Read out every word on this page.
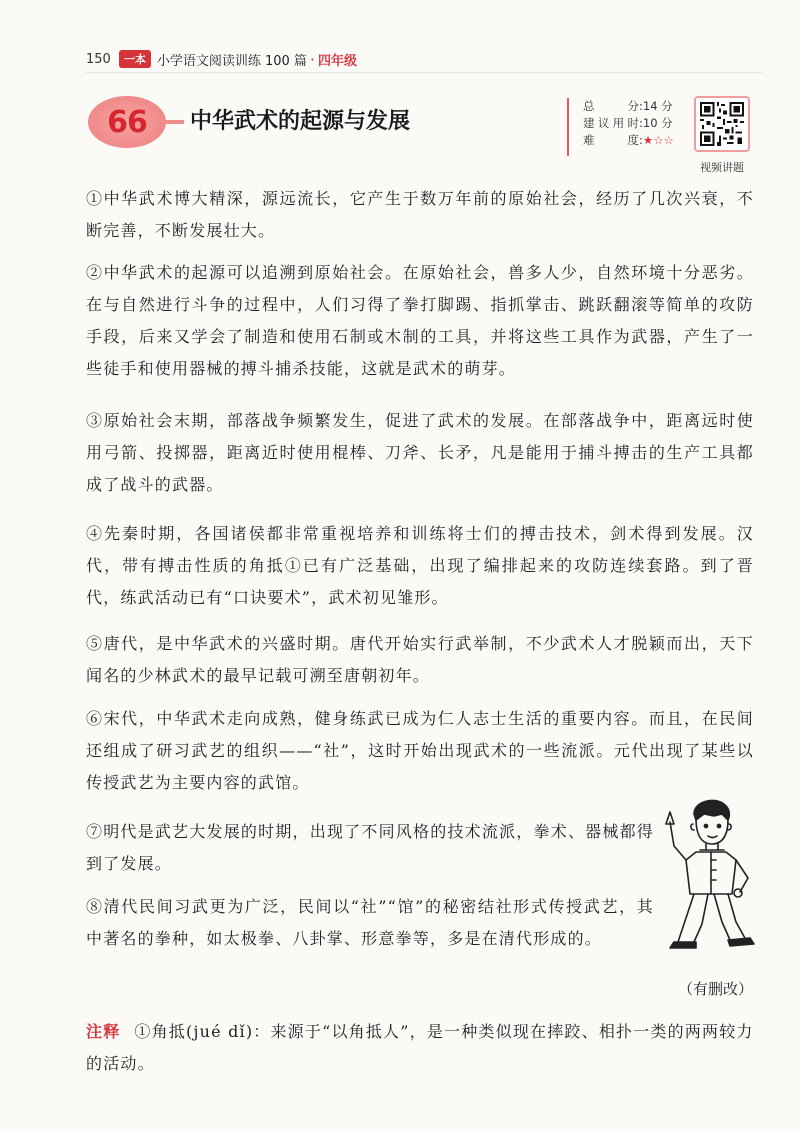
150	一本 小学语文阅读训练 100 篇 · 四年级
66	中华武术的起源与发展
总　　分:14 分
建议用时:10 分
难　　度:★☆☆
视频讲题
①中华武术博大精深，源远流长，它产生于数万年前的原始社会，经历了几次兴衰，不断完善，不断发展壮大。
②中华武术的起源可以追溯到原始社会。在原始社会，兽多人少，自然环境十分恶劣。在与自然进行斗争的过程中，人们习得了拳打脚踢、指抓掌击、跳跃翻滚等简单的攻防手段，后来又学会了制造和使用石制或木制的工具，并将这些工具作为武器，产生了一些徒手和使用器械的搏斗捕杀技能，这就是武术的萌芽。
③原始社会末期，部落战争频繁发生，促进了武术的发展。在部落战争中，距离远时使用弓箭、投掷器，距离近时使用棍棒、刀斧、长矛，凡是能用于捕斗搏击的生产工具都成了战斗的武器。
④先秦时期，各国诸侯都非常重视培养和训练将士们的搏击技术，剑术得到发展。汉代，带有搏击性质的角抵①已有广泛基础，出现了编排起来的攻防连续套路。到了晋代，练武活动已有“口诀要术”，武术初见雏形。
⑤唐代，是中华武术的兴盛时期。唐代开始实行武举制，不少武术人才脱颖而出，天下闻名的少林武术的最早记载可溯至唐朝初年。
⑥宋代，中华武术走向成熟，健身练武已成为仁人志士生活的重要内容。而且，在民间还组成了研习武艺的组织——“社”，这时开始出现武术的一些流派。元代出现了某些以传授武艺为主要内容的武馆。
⑦明代是武艺大发展的时期，出现了不同风格的技术流派，拳术、器械都得到了发展。
⑧清代民间习武更为广泛，民间以“社”“馆”的秘密结社形式传授武艺，其中著名的拳种，如太极拳、八卦掌、形意拳等，多是在清代形成的。
（有删改）
注释 ①角抵(jué dǐ)：来源于“以角抵人”，是一种类似现在摔跤、相扑一类的两两较力的活动。
